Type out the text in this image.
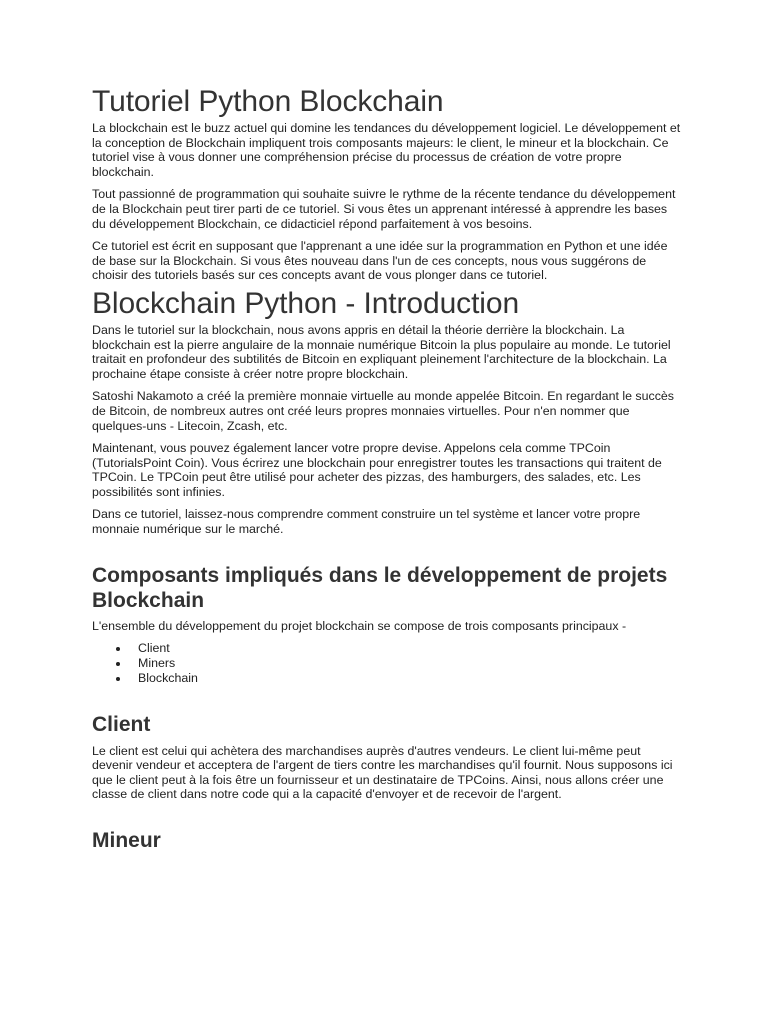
Tutoriel Python Blockchain

La blockchain est le buzz actuel qui domine les tendances du développement logiciel. Le développement et la conception de Blockchain impliquent trois composants majeurs: le client, le mineur et la blockchain. Ce tutoriel vise à vous donner une compréhension précise du processus de création de votre propre blockchain.

Tout passionné de programmation qui souhaite suivre le rythme de la récente tendance du développement de la Blockchain peut tirer parti de ce tutoriel. Si vous êtes un apprenant intéressé à apprendre les bases du développement Blockchain, ce didacticiel répond parfaitement à vos besoins.

Ce tutoriel est écrit en supposant que l'apprenant a une idée sur la programmation en Python et une idée de base sur la Blockchain. Si vous êtes nouveau dans l'un de ces concepts, nous vous suggérons de choisir des tutoriels basés sur ces concepts avant de vous plonger dans ce tutoriel.

Blockchain Python - Introduction

Dans le tutoriel sur la blockchain, nous avons appris en détail la théorie derrière la blockchain. La blockchain est la pierre angulaire de la monnaie numérique Bitcoin la plus populaire au monde. Le tutoriel traitait en profondeur des subtilités de Bitcoin en expliquant pleinement l'architecture de la blockchain. La prochaine étape consiste à créer notre propre blockchain.

Satoshi Nakamoto a créé la première monnaie virtuelle au monde appelée Bitcoin. En regardant le succès de Bitcoin, de nombreux autres ont créé leurs propres monnaies virtuelles. Pour n'en nommer que quelques-uns - Litecoin, Zcash, etc.

Maintenant, vous pouvez également lancer votre propre devise. Appelons cela comme TPCoin (TutorialsPoint Coin). Vous écrirez une blockchain pour enregistrer toutes les transactions qui traitent de TPCoin. Le TPCoin peut être utilisé pour acheter des pizzas, des hamburgers, des salades, etc. Les possibilités sont infinies.

Dans ce tutoriel, laissez-nous comprendre comment construire un tel système et lancer votre propre monnaie numérique sur le marché.

Composants impliqués dans le développement de projets Blockchain

L'ensemble du développement du projet blockchain se compose de trois composants principaux -

Client
Miners
Blockchain
Client

Le client est celui qui achètera des marchandises auprès d'autres vendeurs. Le client lui-même peut devenir vendeur et acceptera de l'argent de tiers contre les marchandises qu'il fournit. Nous supposons ici que le client peut à la fois être un fournisseur et un destinataire de TPCoins. Ainsi, nous allons créer une classe de client dans notre code qui a la capacité d'envoyer et de recevoir de l'argent.

Mineur
